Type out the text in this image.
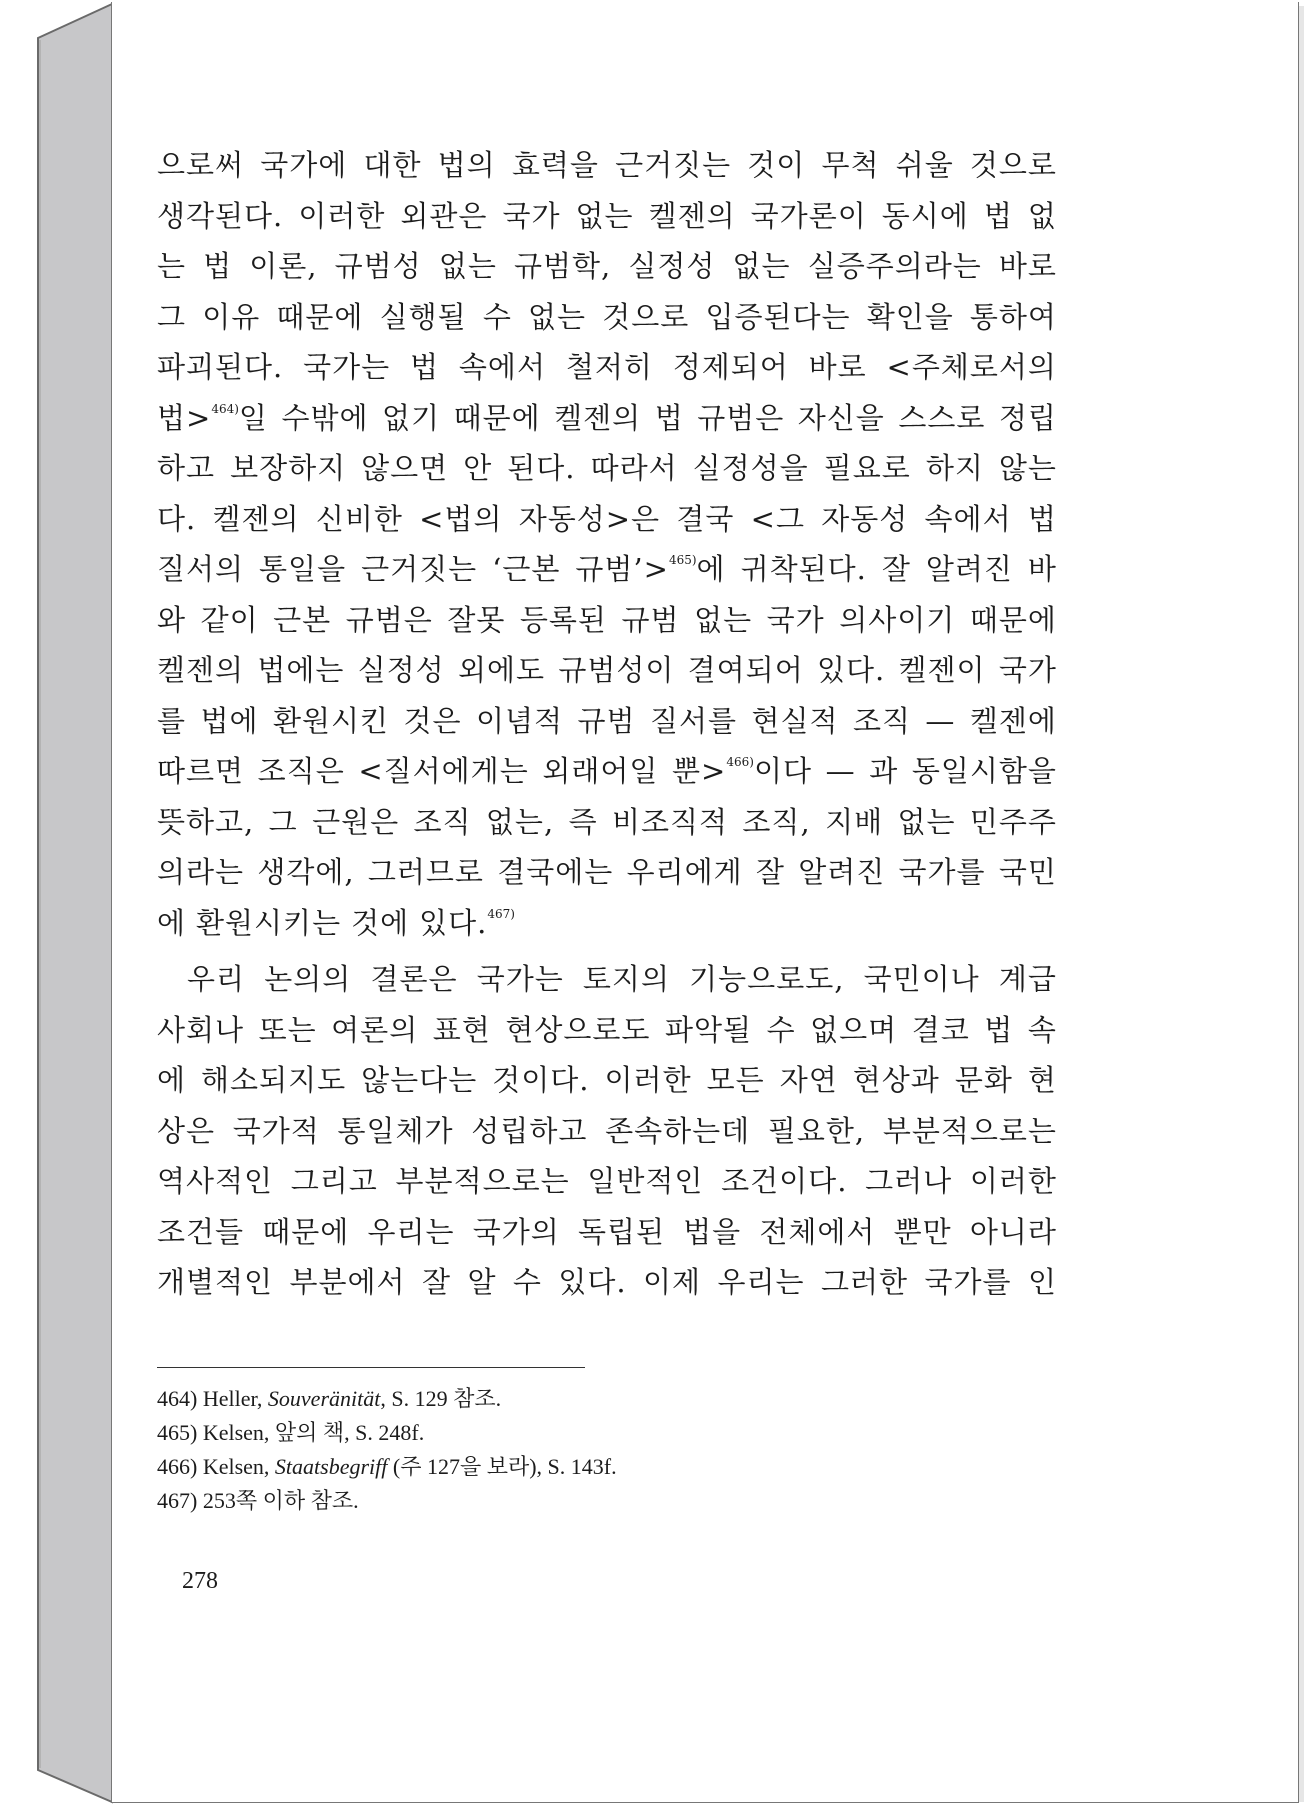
으로써 국가에 대한 법의 효력을 근거짓는 것이 무척 쉬울 것으로
생각된다. 이러한 외관은 국가 없는 켈젠의 국가론이 동시에 법 없
는 법 이론, 규범성 없는 규범학, 실정성 없는 실증주의라는 바로
그 이유 때문에 실행될 수 없는 것으로 입증된다는 확인을 통하여
파괴된다. 국가는 법 속에서 철저히 정제되어 바로 <주체로서의
법>$^{464)}$일 수밖에 없기 때문에 켈젠의 법 규범은 자신을 스스로 정립
하고 보장하지 않으면 안 된다. 따라서 실정성을 필요로 하지 않는
다. 켈젠의 신비한 <법의 자동성>은 결국 <그 자동성 속에서 법
질서의 통일을 근거짓는 ‘근본 규범’>$^{465)}$에 귀착된다. 잘 알려진 바
와 같이 근본 규범은 잘못 등록된 규범 없는 국가 의사이기 때문에
켈젠의 법에는 실정성 외에도 규범성이 결여되어 있다. 켈젠이 국가
를 법에 환원시킨 것은 이념적 규범 질서를 현실적 조직 — 켈젠에
따르면 조직은 <질서에게는 외래어일 뿐>$^{466)}$이다 — 과 동일시함을
뜻하고, 그 근원은 조직 없는, 즉 비조직적 조직, 지배 없는 민주주
의라는 생각에, 그러므로 결국에는 우리에게 잘 알려진 국가를 국민
에 환원시키는 것에 있다.$^{467)}$
우리 논의의 결론은 국가는 토지의 기능으로도, 국민이나 계급
사회나 또는 여론의 표현 현상으로도 파악될 수 없으며 결코 법 속
에 해소되지도 않는다는 것이다. 이러한 모든 자연 현상과 문화 현
상은 국가적 통일체가 성립하고 존속하는데 필요한, 부분적으로는
역사적인 그리고 부분적으로는 일반적인 조건이다. 그러나 이러한
조건들 때문에 우리는 국가의 독립된 법을 전체에서 뿐만 아니라
개별적인 부분에서 잘 알 수 있다. 이제 우리는 그러한 국가를 인
464) Heller, Souveränität, S. 129 참조.
465) Kelsen, 앞의 책, S. 248f.
466) Kelsen, Staatsbegriff (주 127을 보라), S. 143f.
467) 253쪽 이하 참조.
278
